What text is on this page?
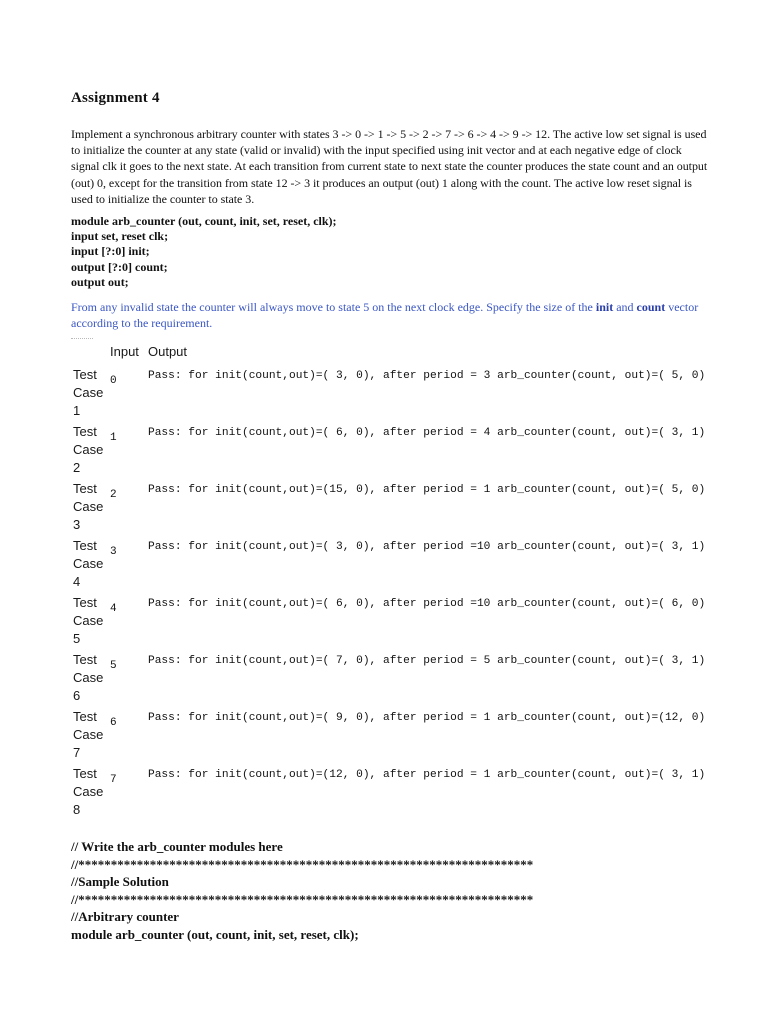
Assignment 4
Implement a synchronous arbitrary counter with states 3 -> 0 -> 1 -> 5 -> 2 -> 7 -> 6 -> 4 -> 9 -> 12. The active low set signal is used to initialize the counter at any state (valid or invalid) with the input specified using init vector and at each negative edge of clock signal clk it goes to the next state. At each transition from current state to next state the counter produces the state count and an output (out) 0, except for the transition from state 12 -> 3 it produces an output (out) 1 along with the count. The active low reset signal is used to initialize the counter to state 3.
module arb_counter (out, count, init, set, reset, clk);
input set, reset clk;
input [?:0] init;
output [?:0] count;
output out;
From any invalid state the counter will always move to state 5 on the next clock edge. Specify the size of the init and count vector according to the requirement.
Input Output
Test
Case
1
0	Pass: for init(count,out)=( 3, 0), after period = 3 arb_counter(count, out)=( 5, 0)
Test
Case
2
1	Pass: for init(count,out)=( 6, 0), after period = 4 arb_counter(count, out)=( 3, 1)
Test
Case
3
2	Pass: for init(count,out)=(15, 0), after period = 1 arb_counter(count, out)=( 5, 0)
Test
Case
4
3	Pass: for init(count,out)=( 3, 0), after period =10 arb_counter(count, out)=( 3, 1)
Test
Case
5
4	Pass: for init(count,out)=( 6, 0), after period =10 arb_counter(count, out)=( 6, 0)
Test
Case
6
5	Pass: for init(count,out)=( 7, 0), after period = 5 arb_counter(count, out)=( 3, 1)
Test
Case
7
6	Pass: for init(count,out)=( 9, 0), after period = 1 arb_counter(count, out)=(12, 0)
Test
Case
8
7	Pass: for init(count,out)=(12, 0), after period = 1 arb_counter(count, out)=( 3, 1)
// Write the arb_counter modules here
//**********************************************************************
//Sample Solution
//**********************************************************************
//Arbitrary counter
module arb_counter (out, count, init, set, reset, clk);
